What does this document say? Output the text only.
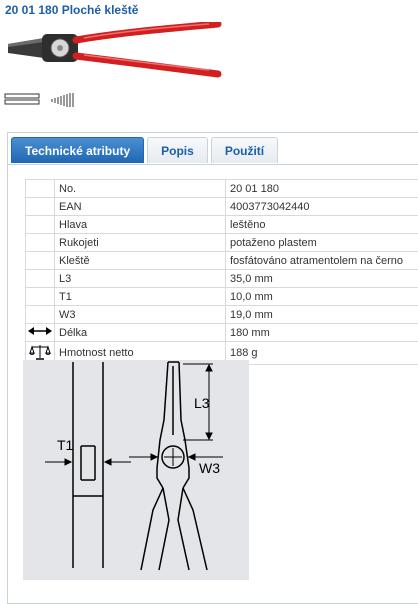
20 01 180 Ploché kleště
Technické atributy	Popis	Použití
	No.	20 01 180
	EAN	4003773042440
	Hlava	leštěno
	Rukojeti	potaženo plastem
	Kleště	fosfátováno atramentolem na černo
	L3	35,0 mm
	T1	10,0 mm
	W3	19,0 mm
	Délka	180 mm
	Hmotnost netto	188 g
T1
L3
W3
